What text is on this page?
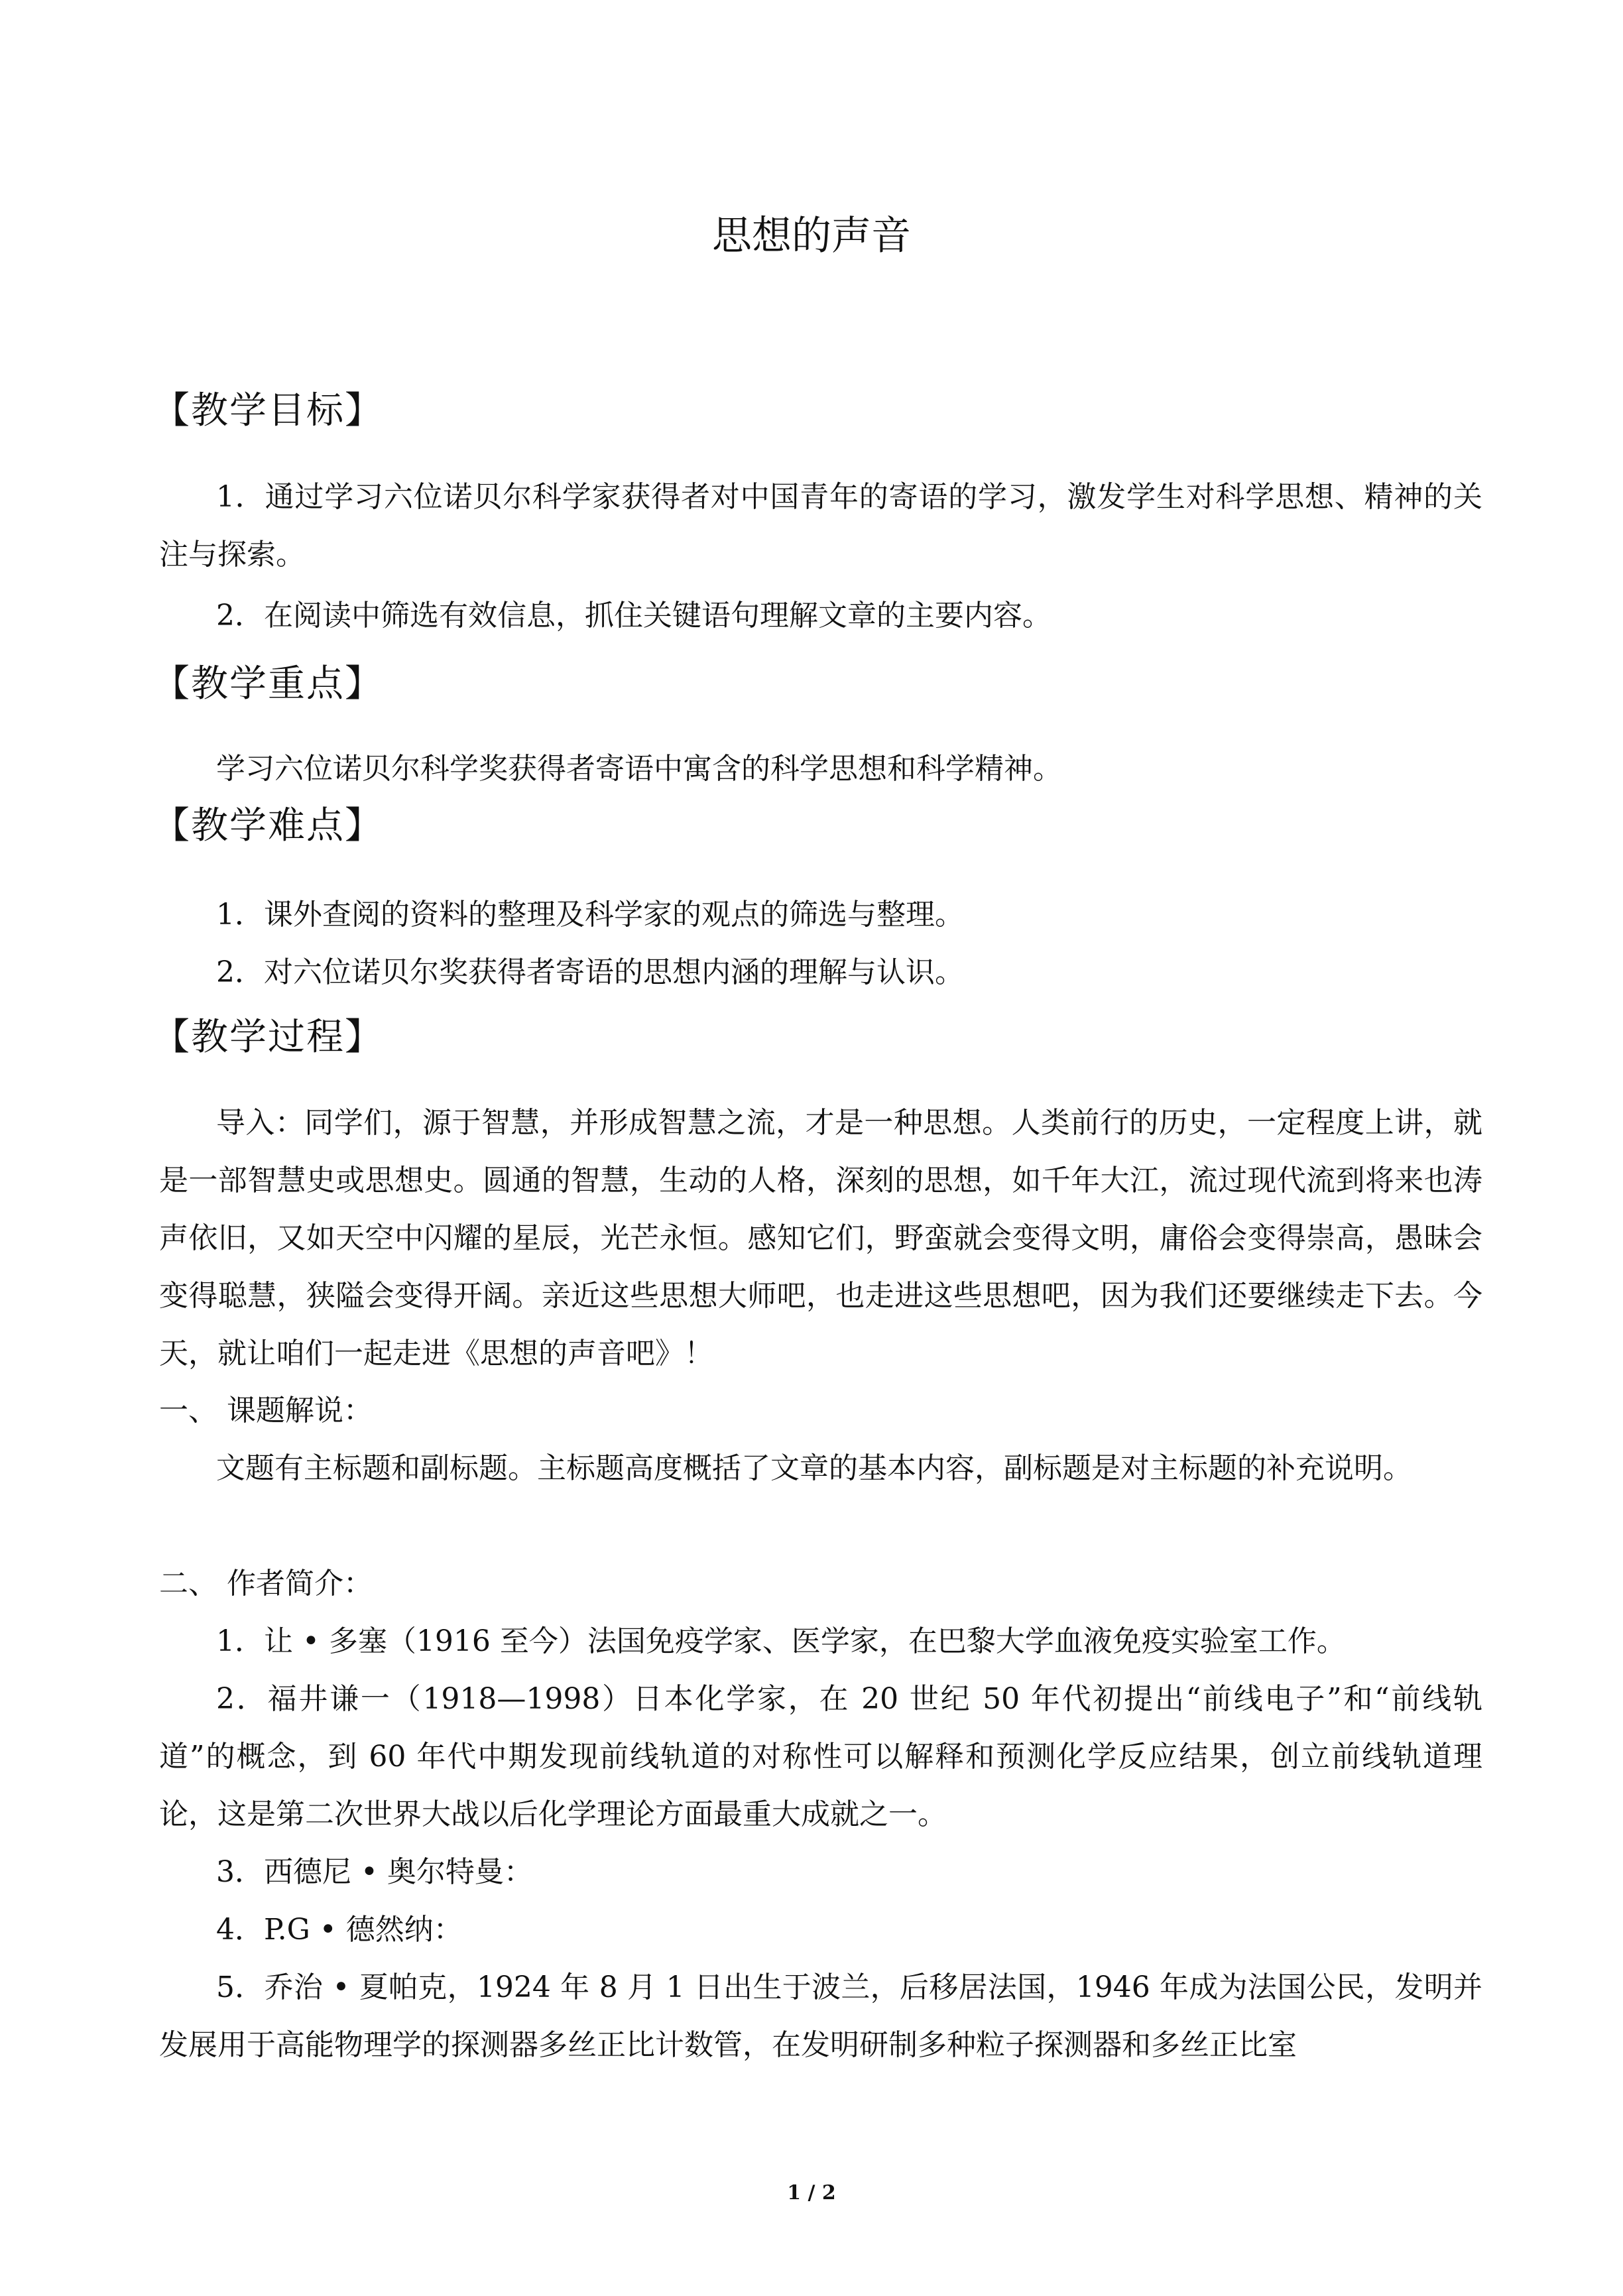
思想的声音
【教学目标】
1．通过学习六位诺贝尔科学家获得者对中国青年的寄语的学习，激发学生对科学思想、精神的关注与探索。
2．在阅读中筛选有效信息，抓住关键语句理解文章的主要内容。
【教学重点】
学习六位诺贝尔科学奖获得者寄语中寓含的科学思想和科学精神。
【教学难点】
1．课外查阅的资料的整理及科学家的观点的筛选与整理。
2．对六位诺贝尔奖获得者寄语的思想内涵的理解与认识。
【教学过程】
导入：同学们，源于智慧，并形成智慧之流，才是一种思想。人类前行的历史，一定程度上讲，就是一部智慧史或思想史。圆通的智慧，生动的人格，深刻的思想，如千年大江，流过现代流到将来也涛声依旧，又如天空中闪耀的星辰，光芒永恒。感知它们，野蛮就会变得文明，庸俗会变得崇高，愚昧会变得聪慧，狭隘会变得开阔。亲近这些思想大师吧，也走进这些思想吧，因为我们还要继续走下去。今天，就让咱们一起走进《思想的声音吧》！
一、 课题解说：
文题有主标题和副标题。主标题高度概括了文章的基本内容，副标题是对主标题的补充说明。
二、 作者简介：
1．让 • 多塞（1916 至今）法国免疫学家、医学家，在巴黎大学血液免疫实验室工作。
2．福井谦一（1918—1998）日本化学家，在 20 世纪 50 年代初提出“前线电子”和“前线轨道”的概念，到 60 年代中期发现前线轨道的对称性可以解释和预测化学反应结果，创立前线轨道理论，这是第二次世界大战以后化学理论方面最重大成就之一。
3．西德尼 • 奥尔特曼：
4．P.G • 德然纳：
5．乔治 • 夏帕克，1924 年 8 月 1 日出生于波兰，后移居法国，1946 年成为法国公民，发明并发展用于高能物理学的探测器多丝正比计数管，在发明研制多种粒子探测器和多丝正比室
1 / 2
